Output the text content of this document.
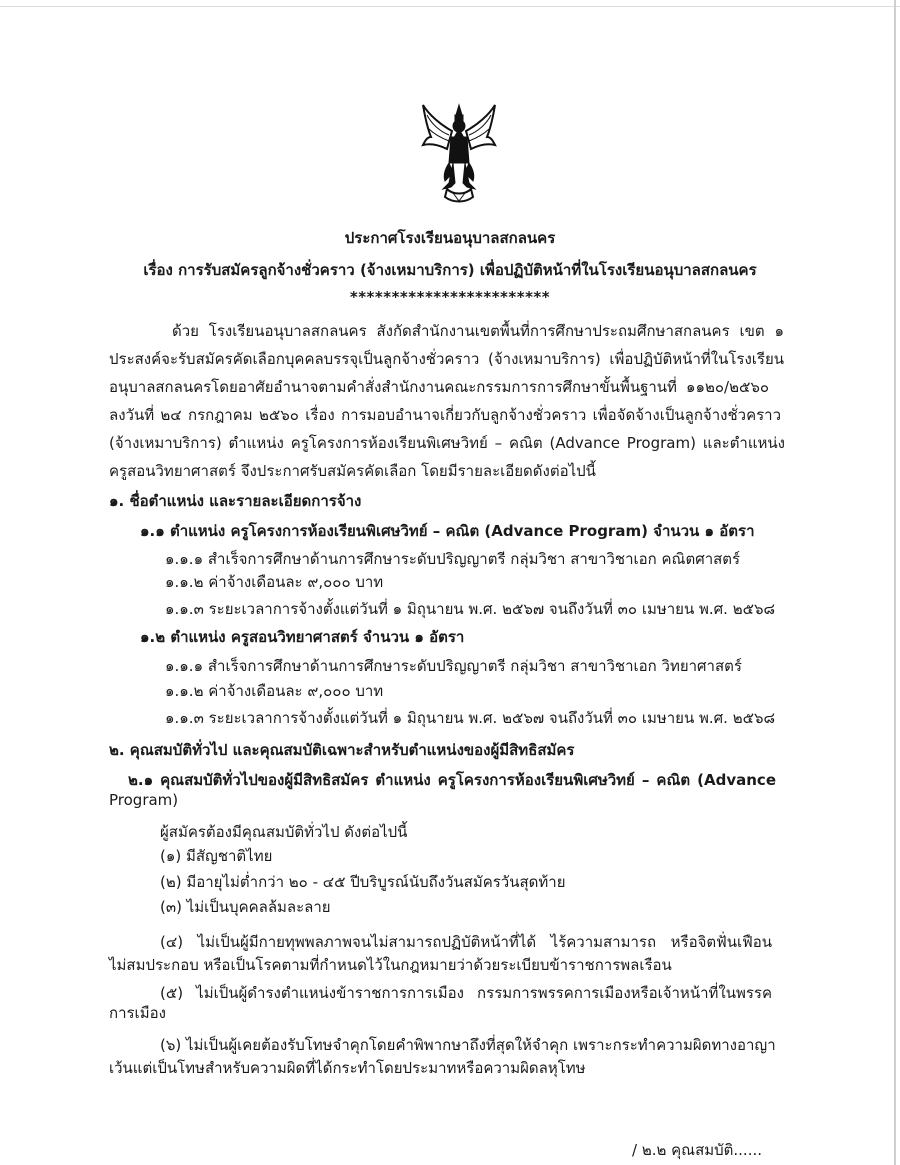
ประกาศโรงเรียนอนุบาลสกลนคร
เรื่อง การรับสมัครลูกจ้างชั่วคราว (จ้างเหมาบริการ) เพื่อปฏิบัติหน้าที่ในโรงเรียนอนุบาลสกลนคร
************************
ด้วย โรงเรียนอนุบาลสกลนคร สังกัดสำนักงานเขตพื้นที่การศึกษาประถมศึกษาสกลนคร เขต ๑
ประสงค์จะรับสมัครคัดเลือกบุคคลบรรจุเป็นลูกจ้างชั่วคราว (จ้างเหมาบริการ) เพื่อปฏิบัติหน้าที่ในโรงเรียน
อนุบาลสกลนครโดยอาศัยอำนาจตามคำสั่งสำนักงานคณะกรรมการการศึกษาขั้นพื้นฐานที่ ๑๑๒๐/๒๕๖๐
ลงวันที่ ๒๔ กรกฎาคม ๒๕๖๐ เรื่อง การมอบอำนาจเกี่ยวกับลูกจ้างชั่วคราว เพื่อจัดจ้างเป็นลูกจ้างชั่วคราว
(จ้างเหมาบริการ) ตำแหน่ง ครูโครงการห้องเรียนพิเศษวิทย์ – คณิต (Advance Program) และตำแหน่ง
ครูสอนวิทยาศาสตร์ จึงประกาศรับสมัครคัดเลือก โดยมีรายละเอียดดังต่อไปนี้
๑. ชื่อตำแหน่ง และรายละเอียดการจ้าง
๑.๑ ตำแหน่ง ครูโครงการห้องเรียนพิเศษวิทย์ – คณิต (Advance Program) จำนวน ๑ อัตรา
๑.๑.๑ สำเร็จการศึกษาด้านการศึกษาระดับปริญญาตรี กลุ่มวิชา สาขาวิชาเอก คณิตศาสตร์
๑.๑.๒ ค่าจ้างเดือนละ ๙,๐๐๐ บาท
๑.๑.๓ ระยะเวลาการจ้างตั้งแต่วันที่ ๑ มิถุนายน พ.ศ. ๒๕๖๗ จนถึงวันที่ ๓๐ เมษายน พ.ศ. ๒๕๖๘
๑.๒ ตำแหน่ง ครูสอนวิทยาศาสตร์ จำนวน ๑ อัตรา
๑.๑.๑ สำเร็จการศึกษาด้านการศึกษาระดับปริญญาตรี กลุ่มวิชา สาขาวิชาเอก วิทยาศาสตร์
๑.๑.๒ ค่าจ้างเดือนละ ๙,๐๐๐ บาท
๑.๑.๓ ระยะเวลาการจ้างตั้งแต่วันที่ ๑ มิถุนายน พ.ศ. ๒๕๖๗ จนถึงวันที่ ๓๐ เมษายน พ.ศ. ๒๕๖๘
๒. คุณสมบัติทั่วไป และคุณสมบัติเฉพาะสำหรับตำแหน่งของผู้มีสิทธิสมัคร
๒.๑ คุณสมบัติทั่วไปของผู้มีสิทธิสมัคร ตำแหน่ง ครูโครงการห้องเรียนพิเศษวิทย์ – คณิต (Advance
Program)
ผู้สมัครต้องมีคุณสมบัติทั่วไป ดังต่อไปนี้
(๑) มีสัญชาติไทย
(๒) มีอายุไม่ต่ำกว่า ๒๐ - ๔๕ ปีบริบูรณ์นับถึงวันสมัครวันสุดท้าย
(๓) ไม่เป็นบุคคลล้มละลาย
(๔) ไม่เป็นผู้มีกายทุพพลภาพจนไม่สามารถปฏิบัติหน้าที่ได้ ไร้ความสามารถ หรือจิตฟั่นเฟือน
ไม่สมประกอบ หรือเป็นโรคตามที่กำหนดไว้ในกฎหมายว่าด้วยระเบียบข้าราชการพลเรือน
(๕) ไม่เป็นผู้ดำรงตำแหน่งข้าราชการการเมือง กรรมการพรรคการเมืองหรือเจ้าหน้าที่ในพรรค
การเมือง
(๖) ไม่เป็นผู้เคยต้องรับโทษจำคุกโดยคำพิพากษาถึงที่สุดให้จำคุก เพราะกระทำความผิดทางอาญา
เว้นแต่เป็นโทษสำหรับความผิดที่ได้กระทำโดยประมาทหรือความผิดลหุโทษ
/ ๒.๒ คุณสมบัติ......
